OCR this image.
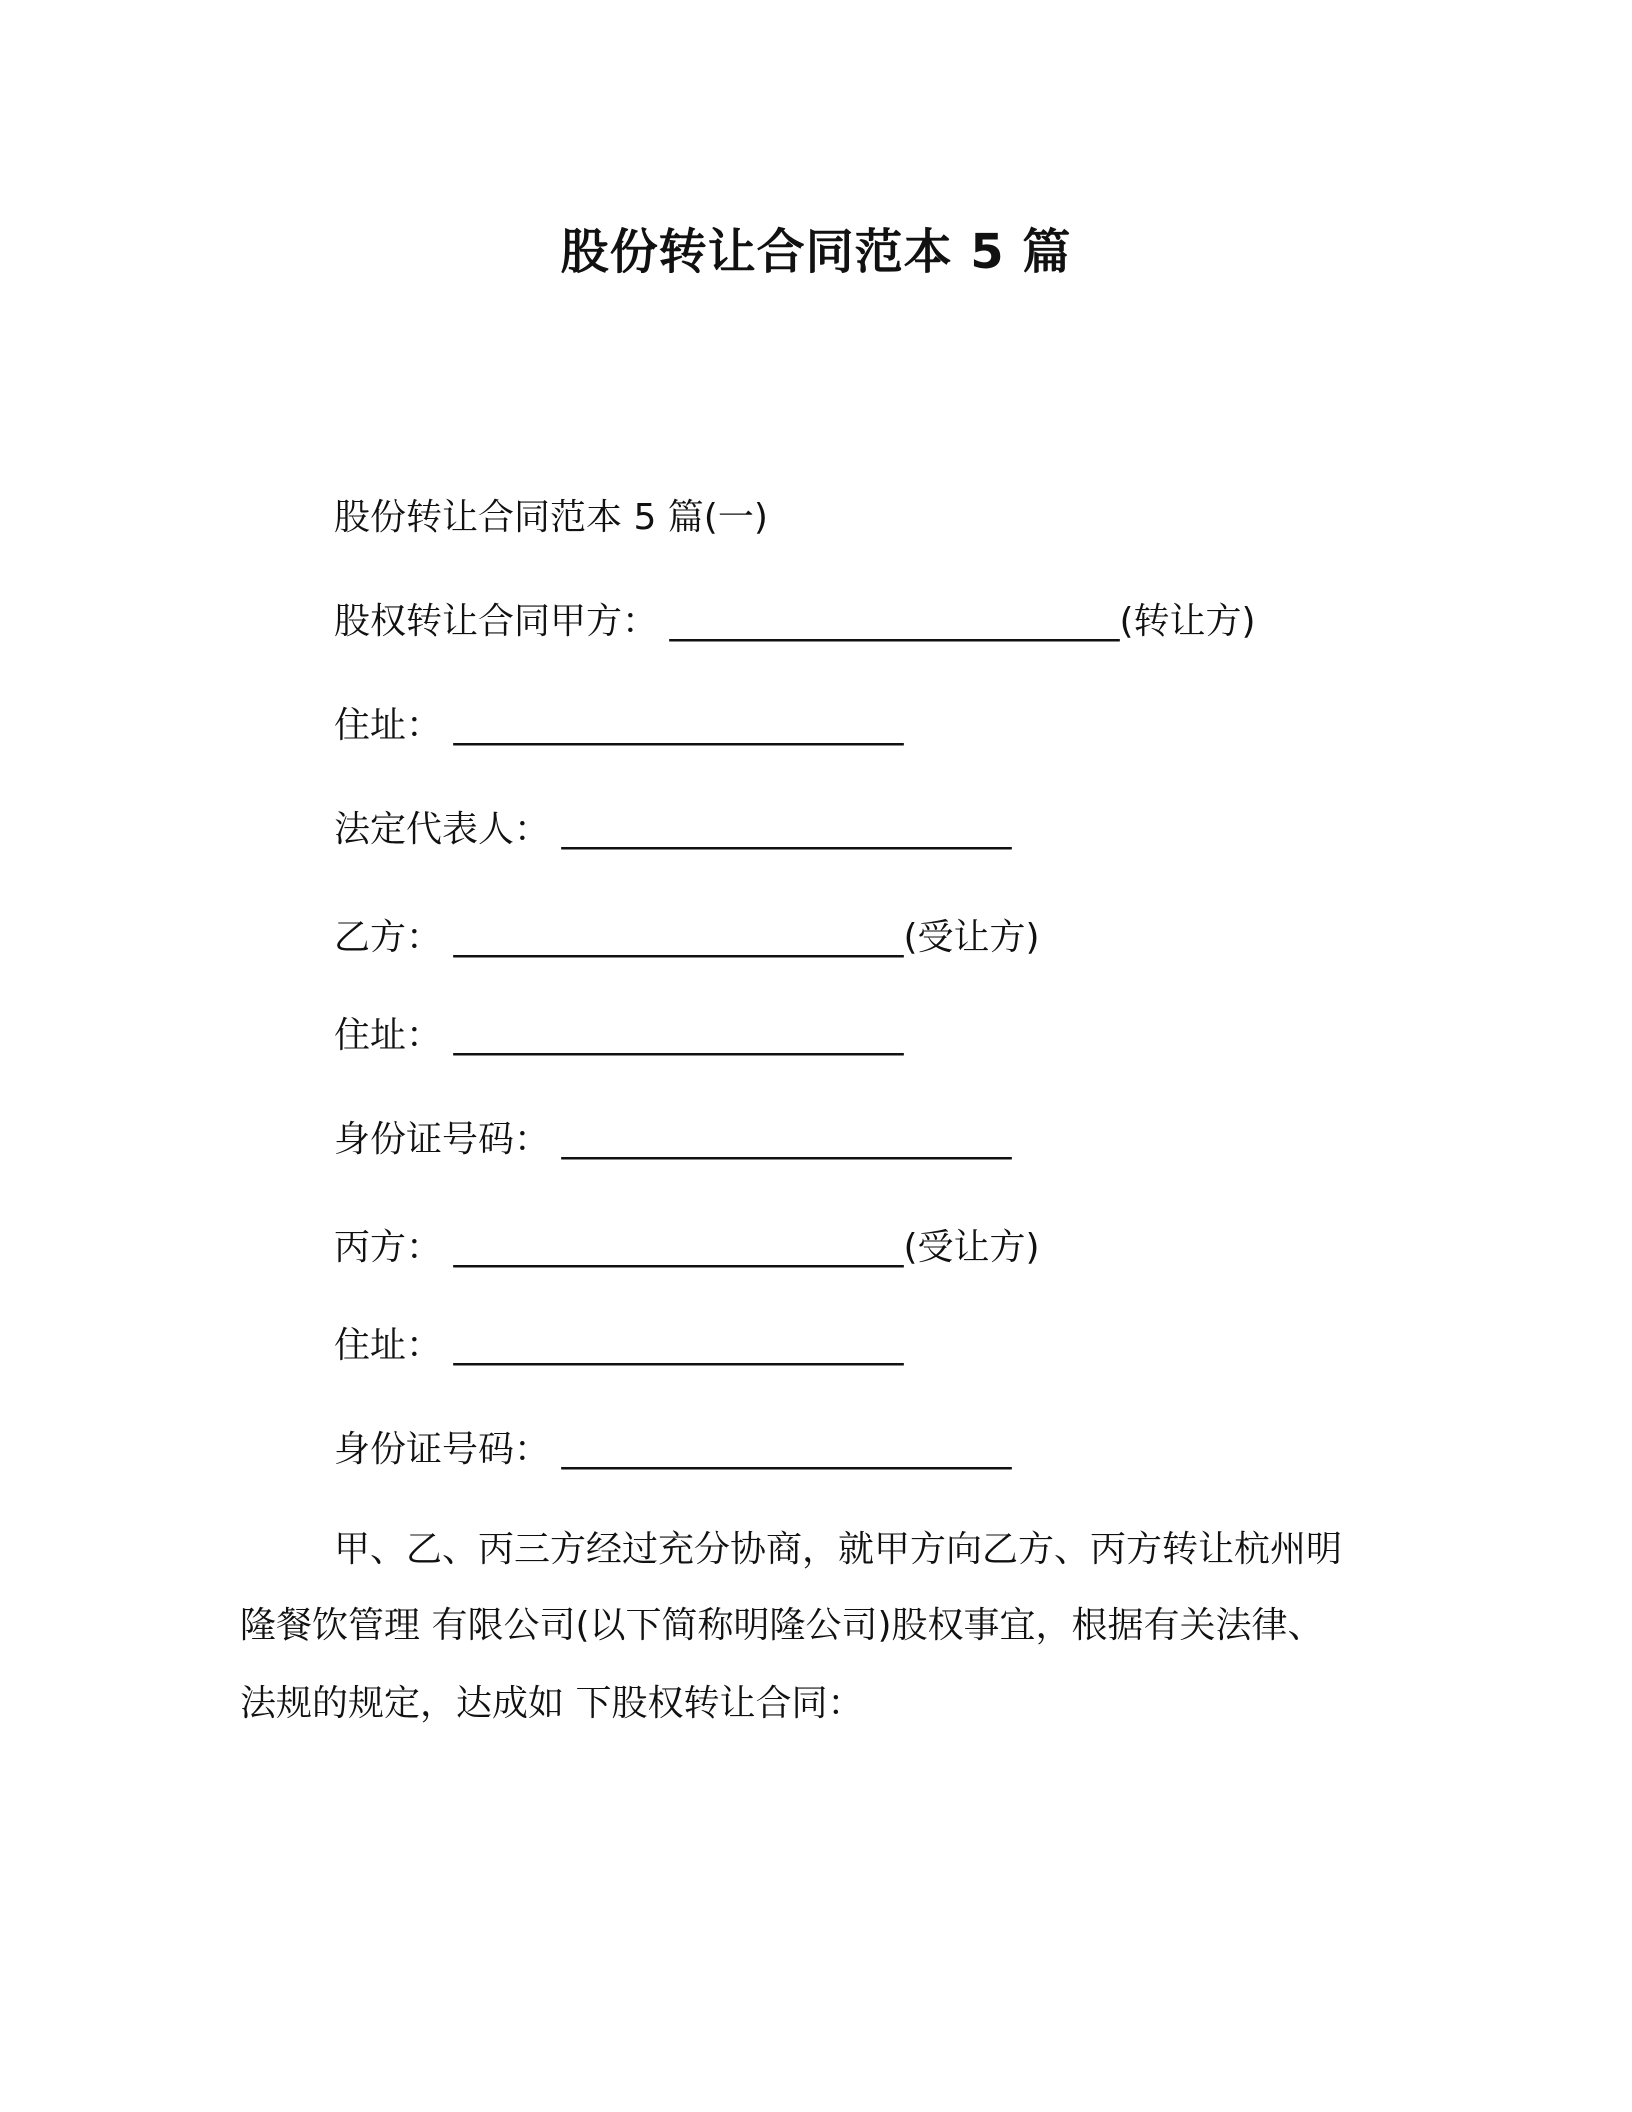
股份转让合同范本 5 篇
股份转让合同范本 5 篇(一)
股权转让合同甲方： _________________________(转让方)
住址： _________________________
法定代表人： _________________________
乙方： _________________________(受让方)
住址： _________________________
身份证号码： _________________________
丙方： _________________________(受让方)
住址： _________________________
身份证号码： _________________________
甲、乙、丙三方经过充分协商，就甲方向乙方、丙方转让杭州明
隆餐饮管理 有限公司(以下简称明隆公司)股权事宜，根据有关法律、
法规的规定，达成如 下股权转让合同：
